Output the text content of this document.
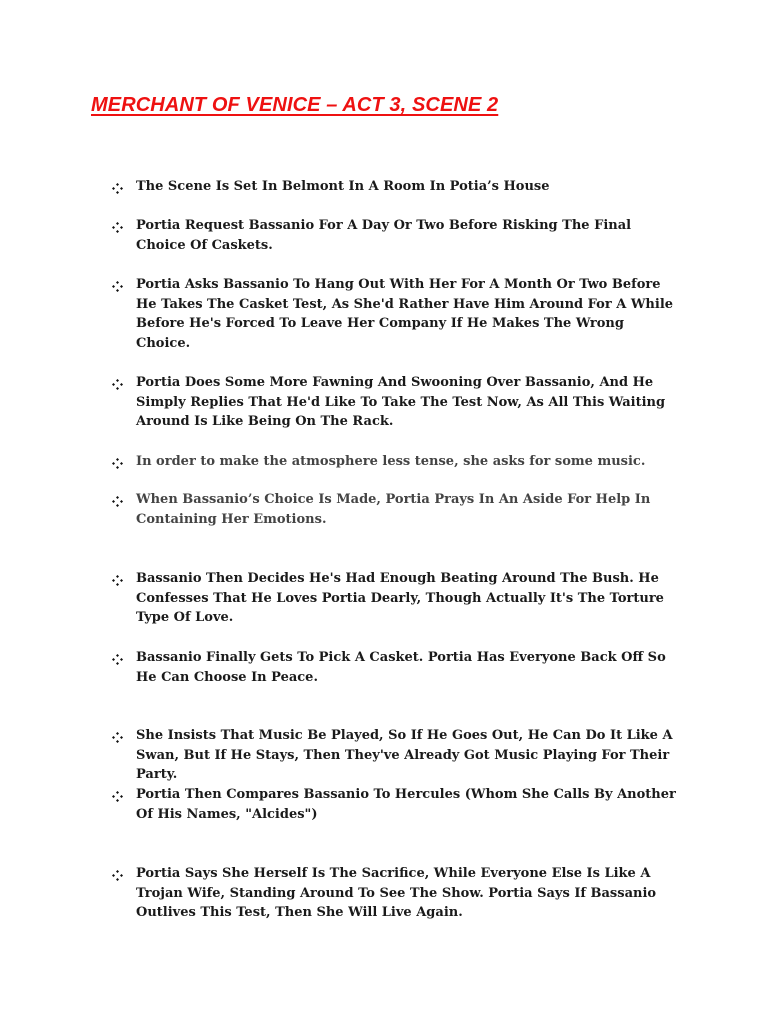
MERCHANT OF VENICE – ACT 3, SCENE 2
The Scene Is Set In Belmont In A Room In Potia’s House
Portia Request Bassanio For A Day Or Two Before Risking The Final Choice Of Caskets.
Portia Asks Bassanio To Hang Out With Her For A Month Or Two Before He Takes The Casket Test, As She'd Rather Have Him Around For A While Before He's Forced To Leave Her Company If He Makes The Wrong Choice.
Portia Does Some More Fawning And Swooning Over Bassanio, And He Simply Replies That He'd Like To Take The Test Now, As All This Waiting Around Is Like Being On The Rack.
In order to make the atmosphere less tense, she asks for some music.
When Bassanio’s Choice Is Made, Portia Prays In An Aside For Help In Containing Her Emotions.
Bassanio Then Decides He's Had Enough Beating Around The Bush. He Confesses That He Loves Portia Dearly, Though Actually It's The Torture Type Of Love.
Bassanio Finally Gets To Pick A Casket. Portia Has Everyone Back Off So He Can Choose In Peace.
She Insists That Music Be Played, So If He Goes Out, He Can Do It Like A Swan, But If He Stays, Then They've Already Got Music Playing For Their Party.
Portia Then Compares Bassanio To Hercules (Whom She Calls By Another Of His Names, "Alcides")
Portia Says She Herself Is The Sacrifice, While Everyone Else Is Like A Trojan Wife, Standing Around To See The Show. Portia Says If Bassanio Outlives This Test, Then She Will Live Again.
